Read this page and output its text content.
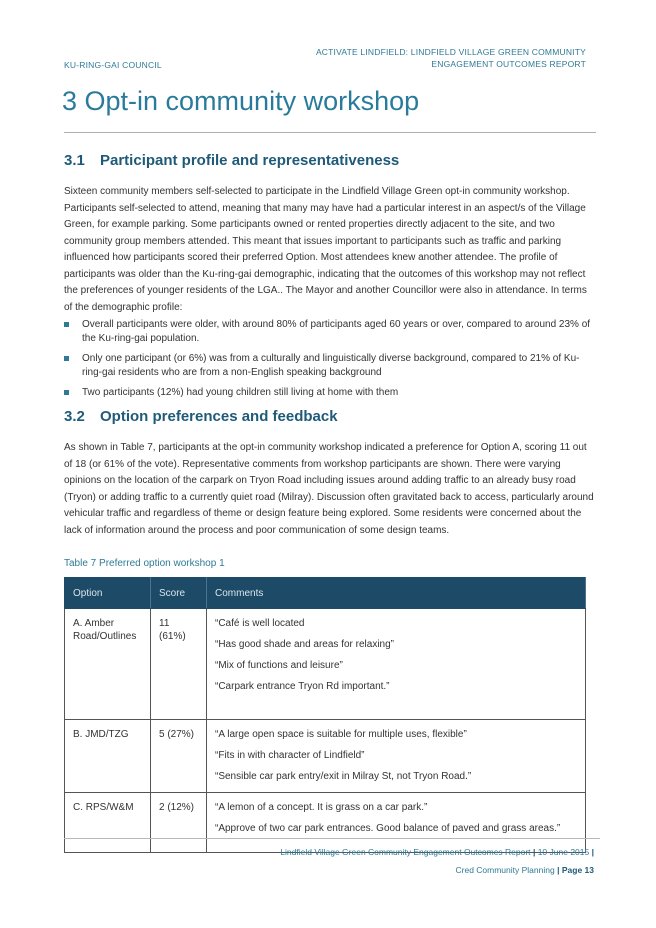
KU-RING-GAI COUNCIL
ACTIVATE LINDFIELD: LINDFIELD VILLAGE GREEN COMMUNITY
ENGAGEMENT OUTCOMES REPORT
3 Opt-in community workshop
3.1 Participant profile and representativeness

Sixteen community members self-selected to participate in the Lindfield Village Green opt-in community workshop. Participants self-selected to attend, meaning that many may have had a particular interest in an aspect/s of the Village Green, for example parking. Some participants owned or rented properties directly adjacent to the site, and two community group members attended. This meant that issues important to participants such as traffic and parking influenced how participants scored their preferred Option. Most attendees knew another attendee. The profile of participants was older than the Ku-ring-gai demographic, indicating that the outcomes of this workshop may not reflect the preferences of younger residents of the LGA.. The Mayor and another Councillor were also in attendance. In terms of the demographic profile:

Overall participants were older, with around 80% of participants aged 60 years or over, compared to around 23% of the Ku-ring-gai population.
Only one participant (or 6%) was from a culturally and linguistically diverse background, compared to 21% of Ku-ring-gai residents who are from a non-English speaking background
Two participants (12%) had young children still living at home with them
3.2 Option preferences and feedback

As shown in Table 7, participants at the opt-in community workshop indicated a preference for Option A, scoring 11 out of 18 (or 61% of the vote). Representative comments from workshop participants are shown. There were varying opinions on the location of the carpark on Tryon Road including issues around adding traffic to an already busy road (Tryon) or adding traffic to a currently quiet road (Milray). Discussion often gravitated back to access, particularly around vehicular traffic and regardless of theme or design feature being explored. Some residents were concerned about the lack of information around the process and poor communication of some design teams.

Table 7 Preferred option workshop 1
Option	Score	Comments
A. Amber Road/Outlines	11 (61%)	“Café is well located

“Has good shade and areas for relaxing”

“Mix of functions and leisure”

“Carpark entrance Tryon Rd important.”

B. JMD/TZG	5 (27%)	“A large open space is suitable for multiple uses, flexible”

“Fits in with character of Lindfield”

“Sensible car park entry/exit in Milray St, not Tryon Road.”

C. RPS/W&M	2 (12%)	“A lemon of a concept. It is grass on a car park.”

“Approve of two car park entrances. Good balance of paved and grass areas.”

Lindfield Village Green Community Engagement Outcomes Report | 10 June 2015 |
Cred Community Planning | Page 13
